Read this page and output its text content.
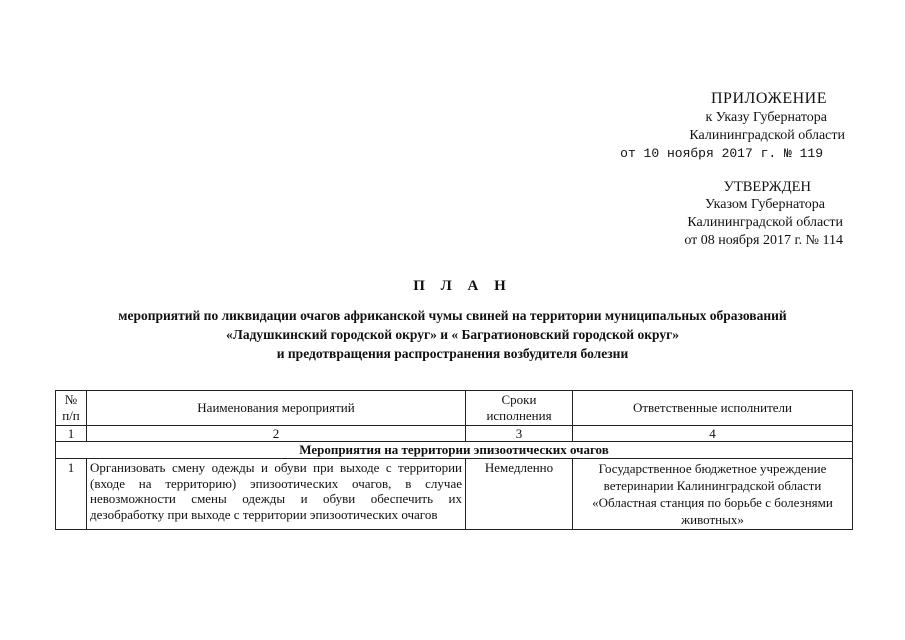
ПРИЛОЖЕНИЕ
к Указу Губернатора
Калининградской области
от 10 ноября 2017 г. № 119
УТВЕРЖДЕН
Указом Губернатора
Калининградской области
от 08 ноября 2017 г. № 114
П Л А Н
мероприятий по ликвидации очагов африканской чумы свиней на территории муниципальных образований
«Ладушкинский городской округ» и « Багратионовский городской округ»
и предотвращения распространения возбудителя болезни
№ п/п	Наименования мероприятий	Сроки исполнения	Ответственные исполнители
1	2	3	4
Мероприятия на территории эпизоотических очагов			
1	Организовать смену одежды и обуви при выходе с территории (входе на территорию) эпизоотических очагов, в случае невозможности смены одежды и обуви обеспечить их дезобработку при выходе с территории эпизоотических очагов	Немедленно	Государственное бюджетное учреждение ветеринарии Калининградской области «Областная станция по борьбе с болезнями животных»
